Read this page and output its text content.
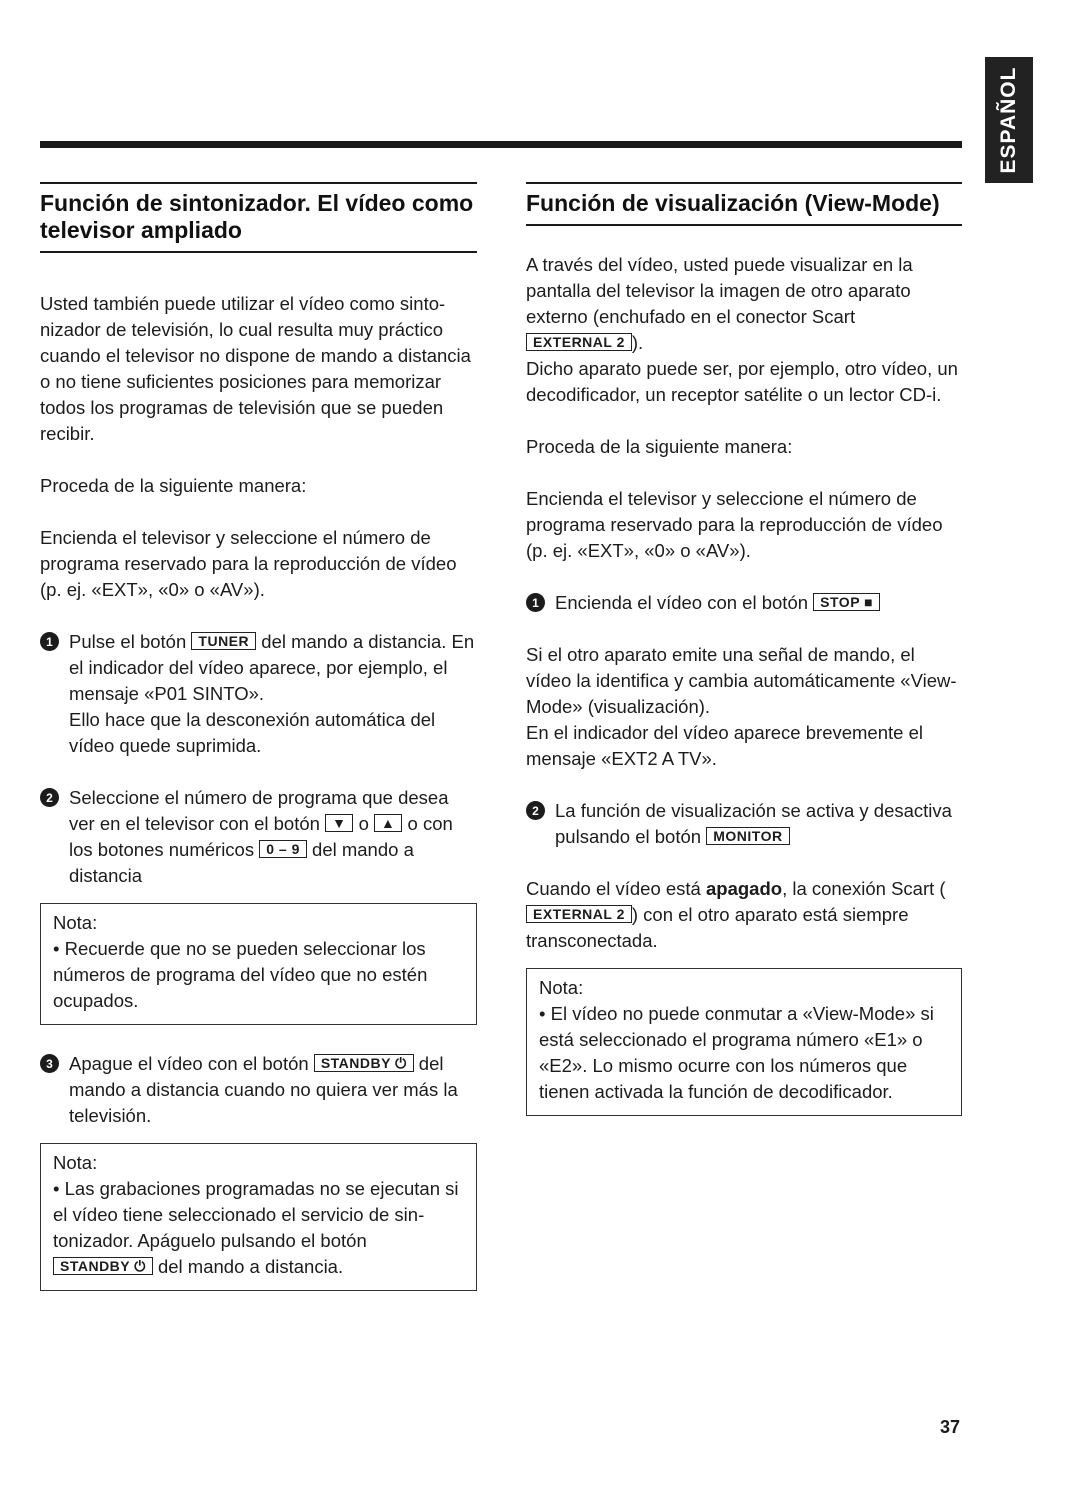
ESPAÑOL
Función de sintonizador. El vídeo como televisor ampliado

Usted también puede utilizar el vídeo como sinto-nizador de televisión, lo cual resulta muy práctico cuando el televisor no dispone de mando a distancia o no tiene suficientes posiciones para memorizar todos los programas de televisión que se pueden recibir.

Proceda de la siguiente manera:

Encienda el televisor y seleccione el número de programa reservado para la reproducción de vídeo (p. ej. «EXT», «0» o «AV»).

1 Pulse el botón TUNER del mando a distancia. En el indicador del vídeo aparece, por ejemplo, el mensaje «P01 SINTO».

Ello hace que la desconexión automática del vídeo quede suprimida.

2 Seleccione el número de programa que desea ver en el televisor con el botón ▼ o ▲ o con los botones numéricos 0 – 9 del mando a distancia

Nota:

• Recuerde que no se pueden seleccionar los números de programa del vídeo que no estén ocupados.

3 Apague el vídeo con el botón STANDBY ⏻ del mando a distancia cuando no quiera ver más la televisión.

Nota:

• Las grabaciones programadas no se ejecutan si el vídeo tiene seleccionado el servicio de sin-tonizador. Apáguelo pulsando el botón STANDBY ⏻ del mando a distancia.

Función de visualización (View-Mode)

A través del vídeo, usted puede visualizar en la pantalla del televisor la imagen de otro aparato externo (enchufado en el conector Scart EXTERNAL 2 ).

Dicho aparato puede ser, por ejemplo, otro vídeo, un decodificador, un receptor satélite o un lector CD-i.

Proceda de la siguiente manera:

Encienda el televisor y seleccione el número de programa reservado para la reproducción de vídeo (p. ej. «EXT», «0» o «AV»).

1 Encienda el vídeo con el botón STOP ■

Si el otro aparato emite una señal de mando, el vídeo la identifica y cambia automáticamente «View-Mode» (visualización).

En el indicador del vídeo aparece brevemente el mensaje «EXT2 A TV».

2 La función de visualización se activa y desactiva pulsando el botón MONITOR

Cuando el vídeo está apagado, la conexión Scart (EXTERNAL 2 ) con el otro aparato está siempre transconectada.

Nota:

• El vídeo no puede conmutar a «View-Mode» si está seleccionado el programa número «E1» o «E2». Lo mismo ocurre con los números que tienen activada la función de decodificador.

37
